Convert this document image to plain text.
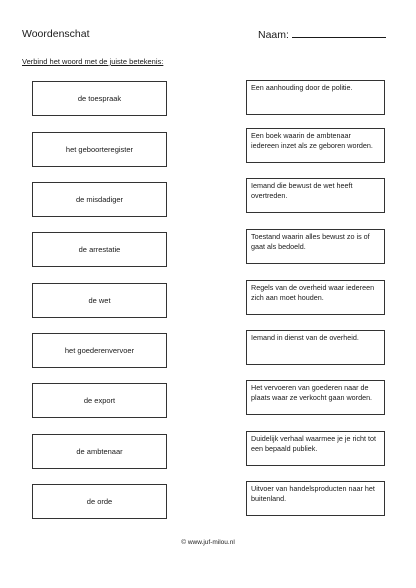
Woordenschat	Naam:
Verbind het woord met de juiste betekenis:
de toespraak
het geboorteregister
de misdadiger
de arrestatie
de wet
het goederenvervoer
de export
de ambtenaar
de orde
Een aanhouding door de politie.
Een boek waarin de ambtenaar iedereen inzet als ze geboren worden.
Iemand die bewust de wet heeft overtreden.
Toestand waarin alles bewust zo is of gaat als bedoeld.
Regels van de overheid waar iedereen zich aan moet houden.
Iemand in dienst van de overheid.
Het vervoeren van goederen naar de plaats waar ze verkocht gaan worden.
Duidelijk verhaal waarmee je je richt tot een bepaald publiek.
Uitvoer van handelsproducten naar het buitenland.
© www.juf-milou.nl
